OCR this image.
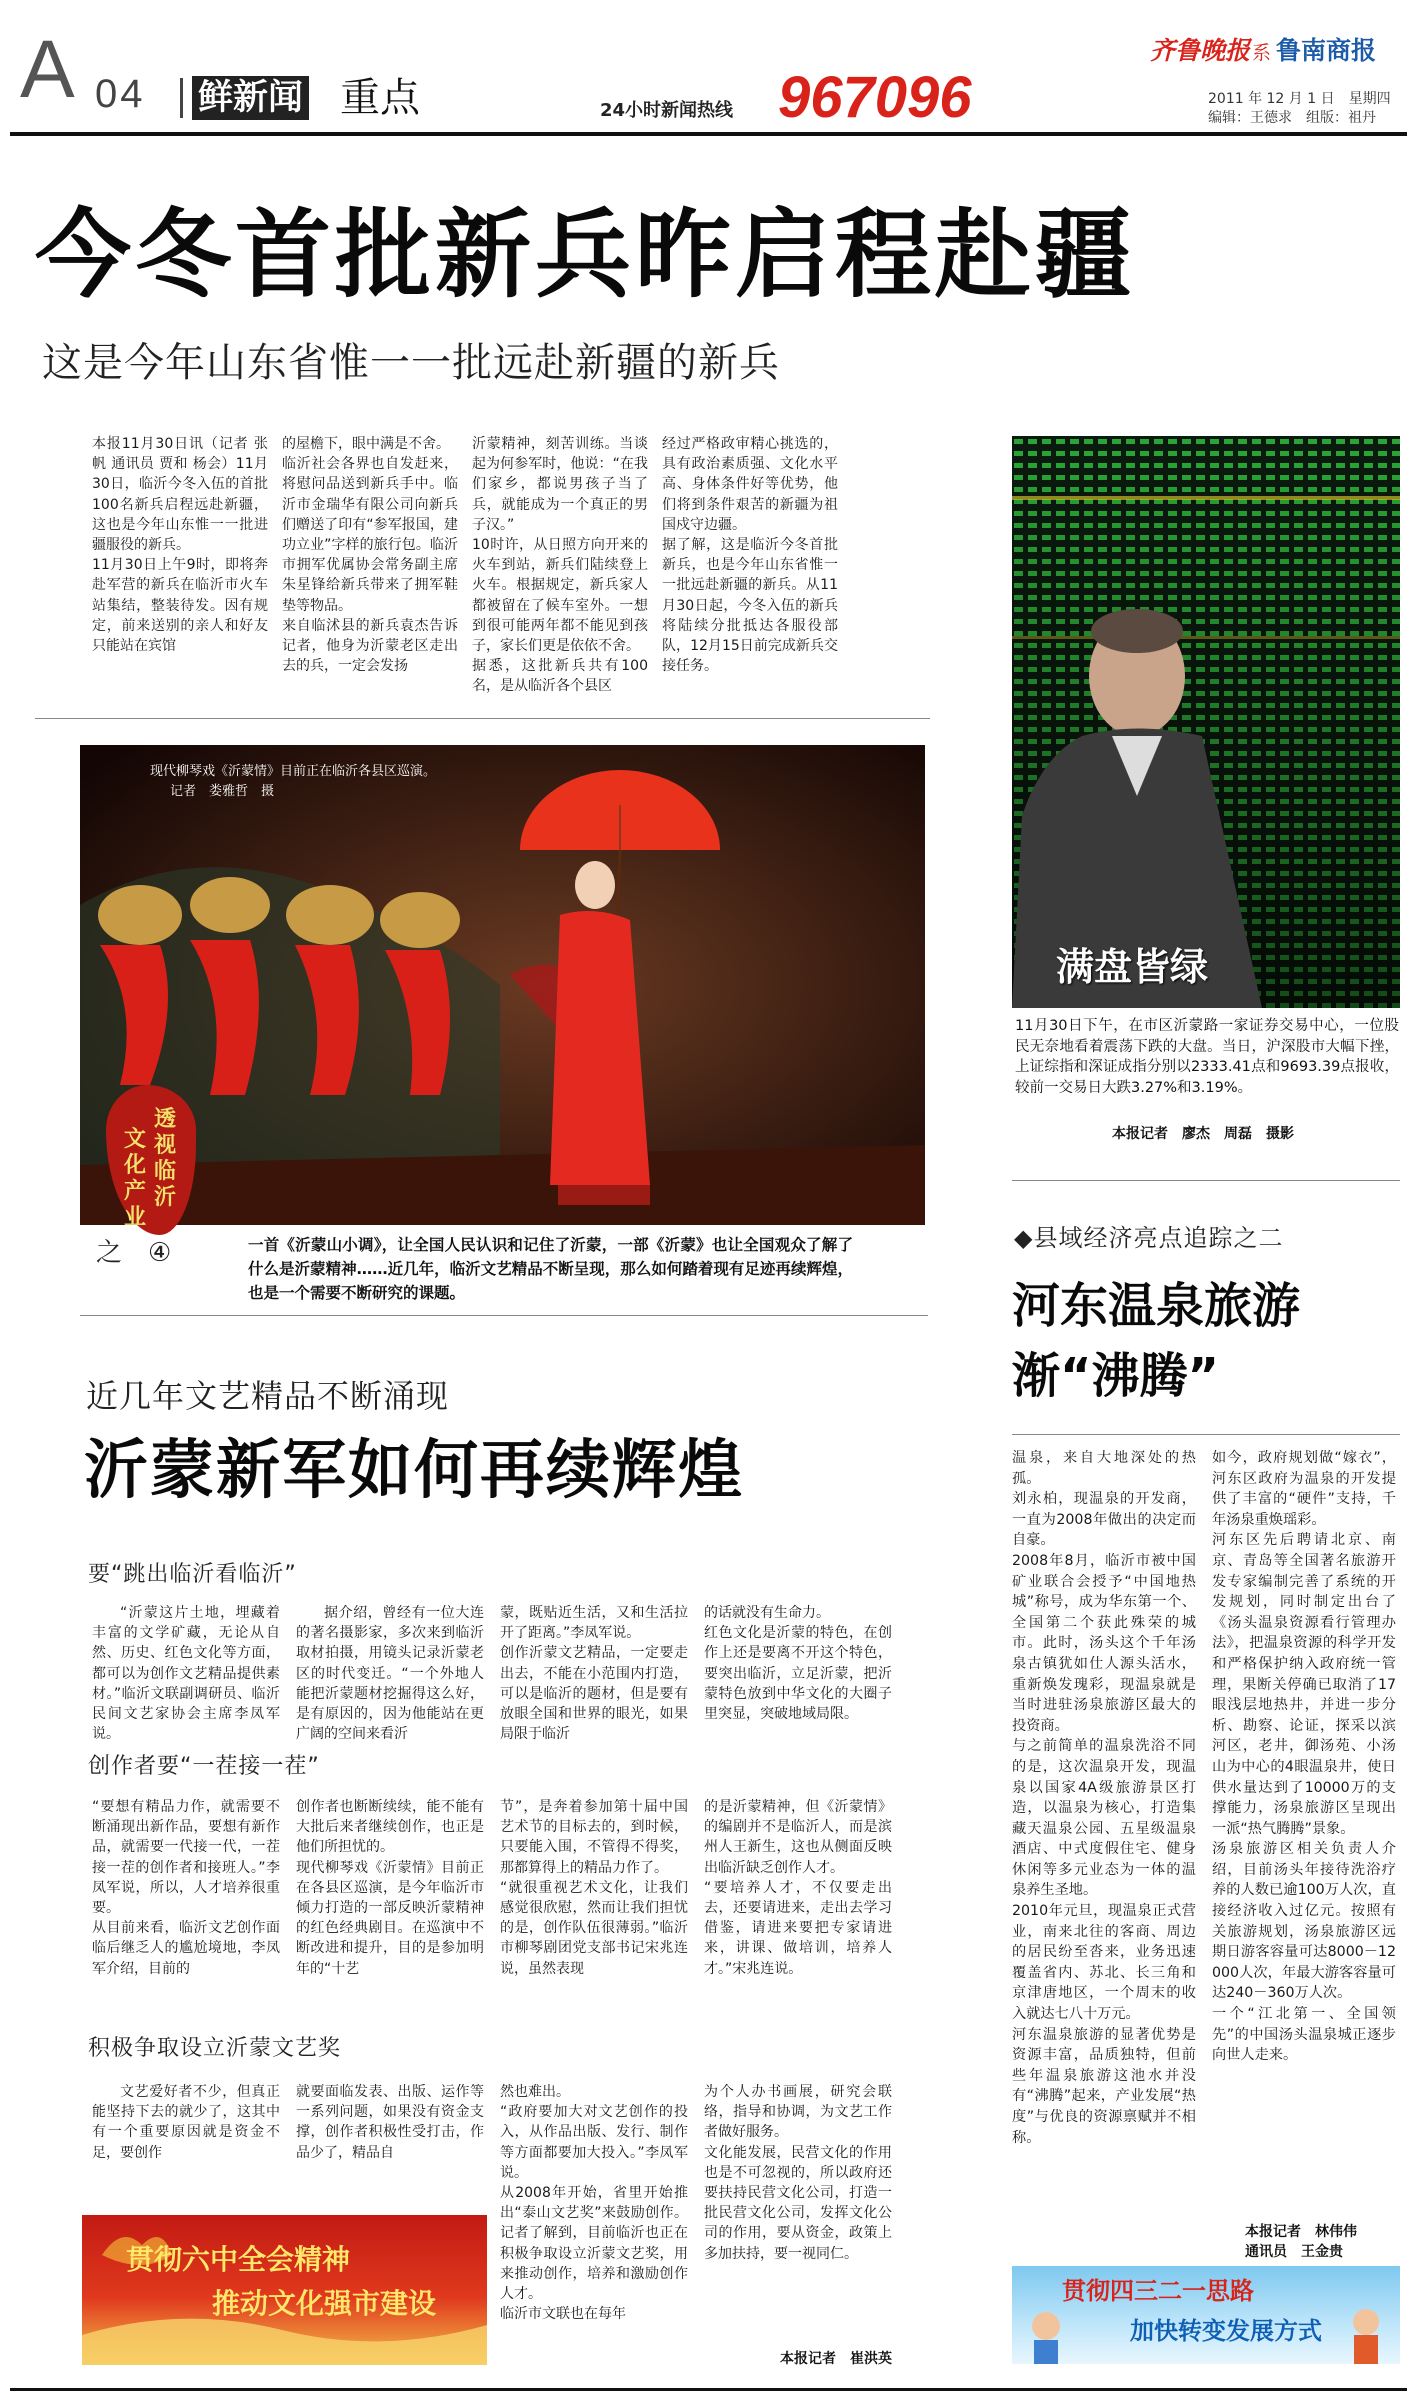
A 04 鲜新闻 重点	24小时新闻热线 967096
齐鲁晚报 系 鲁南商报
2011 年 12 月 1 日　星期四
编辑：王德求　组版：祖丹
今冬首批新兵昨启程赴疆
这是今年山东省惟一一批远赴新疆的新兵
本报11月30日讯（记者 张帆 通讯员 贾和 杨会）11月30日，临沂今冬入伍的首批100名新兵启程远赴新疆，这也是今年山东惟一一批进疆服役的新兵。
11月30日上午9时，即将奔赴军营的新兵在临沂市火车站集结，整装待发。因有规定，前来送别的亲人和好友只能站在宾馆
的屋檐下，眼中满是不舍。
临沂社会各界也自发赶来，将慰问品送到新兵手中。临沂市金瑞华有限公司向新兵们赠送了印有“参军报国，建功立业”字样的旅行包。临沂市拥军优属协会常务副主席朱星锋给新兵带来了拥军鞋垫等物品。
来自临沭县的新兵袁杰告诉记者，他身为沂蒙老区走出去的兵，一定会发扬
沂蒙精神，刻苦训练。当谈起为何参军时，他说：“在我们家乡，都说男孩子当了兵，就能成为一个真正的男子汉。”
10时许，从日照方向开来的火车到站，新兵们陆续登上火车。根据规定，新兵家人都被留在了候车室外。一想到很可能两年都不能见到孩子，家长们更是依依不舍。
据悉，这批新兵共有100名，是从临沂各个县区
经过严格政审精心挑选的，具有政治素质强、文化水平高、身体条件好等优势，他们将到条件艰苦的新疆为祖国戍守边疆。
据了解，这是临沂今冬首批新兵，也是今年山东省惟一一批远赴新疆的新兵。从11月30日起，今冬入伍的新兵将陆续分批抵达各服役部队，12月15日前完成新兵交接任务。
满盘皆绿
11月30日下午，在市区沂蒙路一家证券交易中心，一位股民无奈地看着震荡下跌的大盘。当日，沪深股市大幅下挫，上证综指和深证成指分别以2333.41点和9693.39点报收，较前一交易日大跌3.27%和3.19%。
本报记者　廖杰　周磊　摄影
现代柳琴戏《沂蒙情》目前正在临沂各县区巡演。
记者　娄雅哲　摄
透视临沂
文化产业
之　④	一首《沂蒙山小调》，让全国人民认识和记住了沂蒙，一部《沂蒙》也让全国观众了解了什么是沂蒙精神……近几年，临沂文艺精品不断呈现，那么如何踏着现有足迹再续辉煌，也是一个需要不断研究的课题。
近几年文艺精品不断涌现
沂蒙新军如何再续辉煌
要“跳出临沂看临沂”
“沂蒙这片土地，埋藏着丰富的文学矿藏，无论从自然、历史、红色文化等方面，都可以为创作文艺精品提供素材。”临沂文联副调研员、临沂民间文艺家协会主席李凤军说。
据介绍，曾经有一位大连的著名摄影家，多次来到临沂取材拍摄，用镜头记录沂蒙老区的时代变迁。“一个外地人能把沂蒙题材挖掘得这么好，是有原因的，因为他能站在更广阔的空间来看沂
蒙，既贴近生活，又和生活拉开了距离。”李凤军说。
创作沂蒙文艺精品，一定要走出去，不能在小范围内打造，可以是临沂的题材，但是要有放眼全国和世界的眼光，如果局限于临沂
的话就没有生命力。
红色文化是沂蒙的特色，在创作上还是要离不开这个特色，要突出临沂，立足沂蒙，把沂蒙特色放到中华文化的大圈子里突显，突破地域局限。
创作者要“一茬接一茬”
“要想有精品力作，就需要不断涌现出新作品，要想有新作品，就需要一代接一代，一茬接一茬的创作者和接班人。”李凤军说，所以，人才培养很重要。
从目前来看，临沂文艺创作面临后继乏人的尴尬境地，李凤军介绍，目前的
创作者也断断续续，能不能有大批后来者继续创作，也正是他们所担忧的。
现代柳琴戏《沂蒙情》目前正在各县区巡演，是今年临沂市倾力打造的一部反映沂蒙精神的红色经典剧目。在巡演中不断改进和提升，目的是参加明年的“十艺
节”，是奔着参加第十届中国艺术节的目标去的，到时候，只要能入围，不管得不得奖，那都算得上的精品力作了。
“就很重视艺术文化，让我们感觉很欣慰，然而让我们担忧的是，创作队伍很薄弱。”临沂市柳琴剧团党支部书记宋兆连说，虽然表现
的是沂蒙精神，但《沂蒙情》的编剧并不是临沂人，而是滨州人王新生，这也从侧面反映出临沂缺乏创作人才。
“要培养人才，不仅要走出去，还要请进来，走出去学习借鉴，请进来要把专家请进来，讲课、做培训，培养人才。”宋兆连说。
积极争取设立沂蒙文艺奖
文艺爱好者不少，但真正能坚持下去的就少了，这其中有一个重要原因就是资金不足，要创作
就要面临发表、出版、运作等一系列问题，如果没有资金支撑，创作者积极性受打击，作品少了，精品自
然也难出。
“政府要加大对文艺创作的投入，从作品出版、发行、制作等方面都要加大投入。”李凤军说。
从2008年开始，省里开始推出“泰山文艺奖”来鼓励创作。记者了解到，目前临沂也正在积极争取设立沂蒙文艺奖，用来推动创作，培养和激励创作人才。
临沂市文联也在每年
为个人办书画展，研究会联络，指导和协调，为文艺工作者做好服务。
文化能发展，民营文化的作用也是不可忽视的，所以政府还要扶持民营文化公司，打造一批民营文化公司，发挥文化公司的作用，要从资金，政策上多加扶持，要一视同仁。
本报记者　崔洪英
贯彻六中全会精神
推动文化强市建设
◆县域经济亮点追踪之二
河东温泉旅游
渐“沸腾”
温泉，来自大地深处的热孤。
刘永柏，现温泉的开发商，一直为2008年做出的决定而自豪。
2008年8月，临沂市被中国矿业联合会授予“中国地热城”称号，成为华东第一个、全国第二个获此殊荣的城市。此时，汤头这个千年汤泉古镇犹如仕人源头活水，重新焕发瑰彩，现温泉就是当时进驻汤泉旅游区最大的投资商。
与之前简单的温泉洗浴不同的是，这次温泉开发，现温泉以国家4A级旅游景区打造，以温泉为核心，打造集藏天温泉公园、五星级温泉酒店、中式度假住宅、健身休闲等多元业态为一体的温泉养生圣地。
2010年元旦，现温泉正式营业，南来北往的客商、周边的居民纷至沓来，业务迅速覆盖省内、苏北、长三角和京津唐地区，一个周末的收入就达七八十万元。
河东温泉旅游的显著优势是资源丰富，品质独特，但前些年温泉旅游这池水并没有“沸腾”起来，产业发展“热度”与优良的资源禀赋并不相称。
如今，政府规划做“嫁衣”，河东区政府为温泉的开发提供了丰富的“硬件”支持，千年汤泉重焕瑶彩。
河东区先后聘请北京、南京、青岛等全国著名旅游开发专家编制完善了系统的开发规划，同时制定出台了《汤头温泉资源看行管理办法》，把温泉资源的科学开发和严格保护纳入政府统一管理，果断关停确已取消了17眼浅层地热井，并进一步分析、勘察、论证，探采以滨河区，老井，御汤苑、小汤山为中心的4眼温泉井，使日供水量达到了10000万的支撑能力，汤泉旅游区呈现出一派“热气腾腾”景象。
汤泉旅游区相关负责人介绍，目前汤头年接待洗浴疗养的人数已逾100万人次，直接经济收入过亿元。按照有关旅游规划，汤泉旅游区远期日游客容量可达8000－12000人次，年最大游客容量可达240－360万人次。
一个“江北第一、全国领先”的中国汤头温泉城正逐步向世人走来。
本报记者　林伟伟
通讯员　王金贵
贯彻四三二一思路
加快转变发展方式
